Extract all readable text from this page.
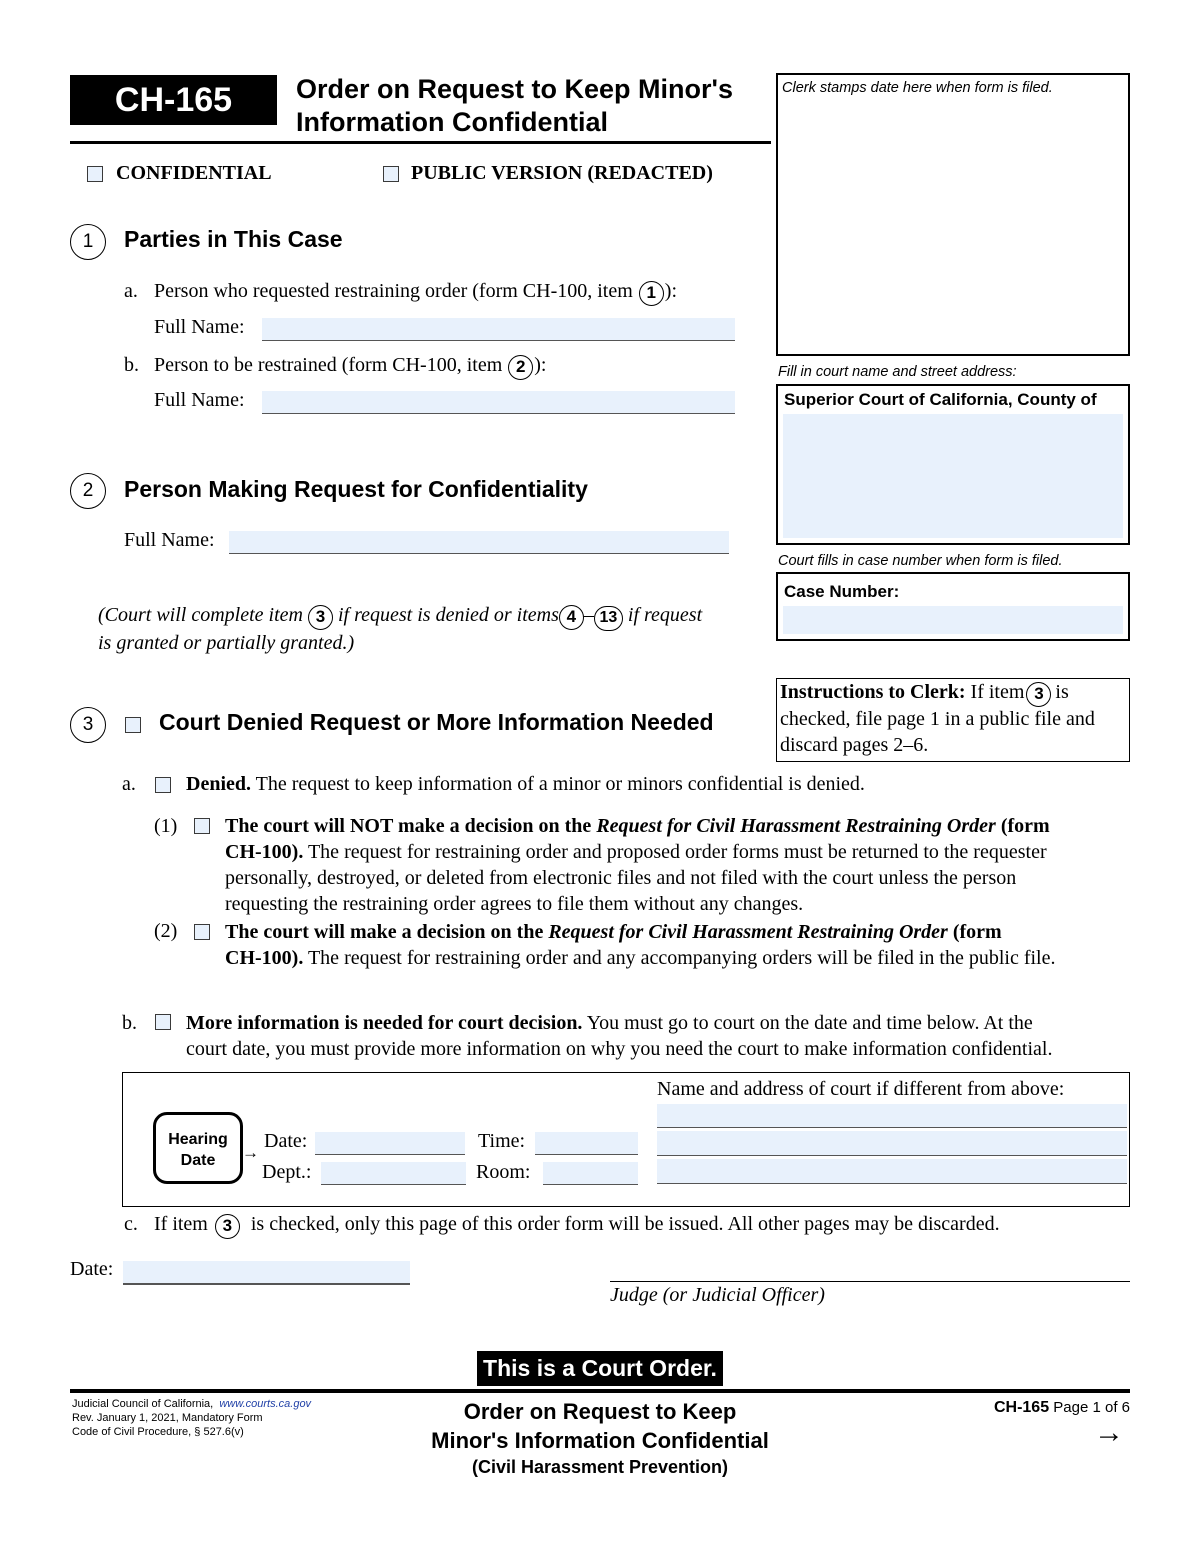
CH-165	Order on Request to Keep Minor's
Information Confidential
CONFIDENTIAL	PUBLIC VERSION (REDACTED)
Clerk stamps date here when form is filed.
Fill in court name and street address:
Superior Court of California, County of
Court fills in case number when form is filed.
Case Number:
Instructions to Clerk: If item 3 is
checked, file page 1 in a public file and
discard pages 2–6.
1	Parties in This Case
a. Person who requested restraining order (form CH-100, item 1 ):
Full Name:
b. Person to be restrained (form CH-100, item 2 ):
Full Name:
2	Person Making Request for Confidentiality
Full Name:
(Court will complete item 3 if request is denied or items 4 – 13 if request
is granted or partially granted.)
3	Court Denied Request or More Information Needed
a.	Denied. The request to keep information of a minor or minors confidential is denied.
(1) The court will NOT make a decision on the Request for Civil Harassment Restraining Order (form
CH-100). The request for restraining order and proposed order forms must be returned to the requester
personally, destroyed, or deleted from electronic files and not filed with the court unless the person
requesting the restraining order agrees to file them without any changes.
(2) The court will make a decision on the Request for Civil Harassment Restraining Order (form
CH-100). The request for restraining order and any accompanying orders will be filed in the public file.
b. More information is needed for court decision. You must go to court on the date and time below. At the
court date, you must provide more information on why you need the court to make information confidential.
Hearing
Date	→
Date:	Time:
Dept.:	Room:
Name and address of court if different from above:
c. If item 3 is checked, only this page of this order form will be issued. All other pages may be discarded.
Date:
Judge (or Judicial Officer)
This is a Court Order.
Judicial Council of California, www.courts.ca.gov
Rev. January 1, 2021, Mandatory Form
Code of Civil Procedure, § 527.6(v)
Order on Request to Keep
Minor's Information Confidential
(Civil Harassment Prevention)
CH-165 Page 1 of 6
→
